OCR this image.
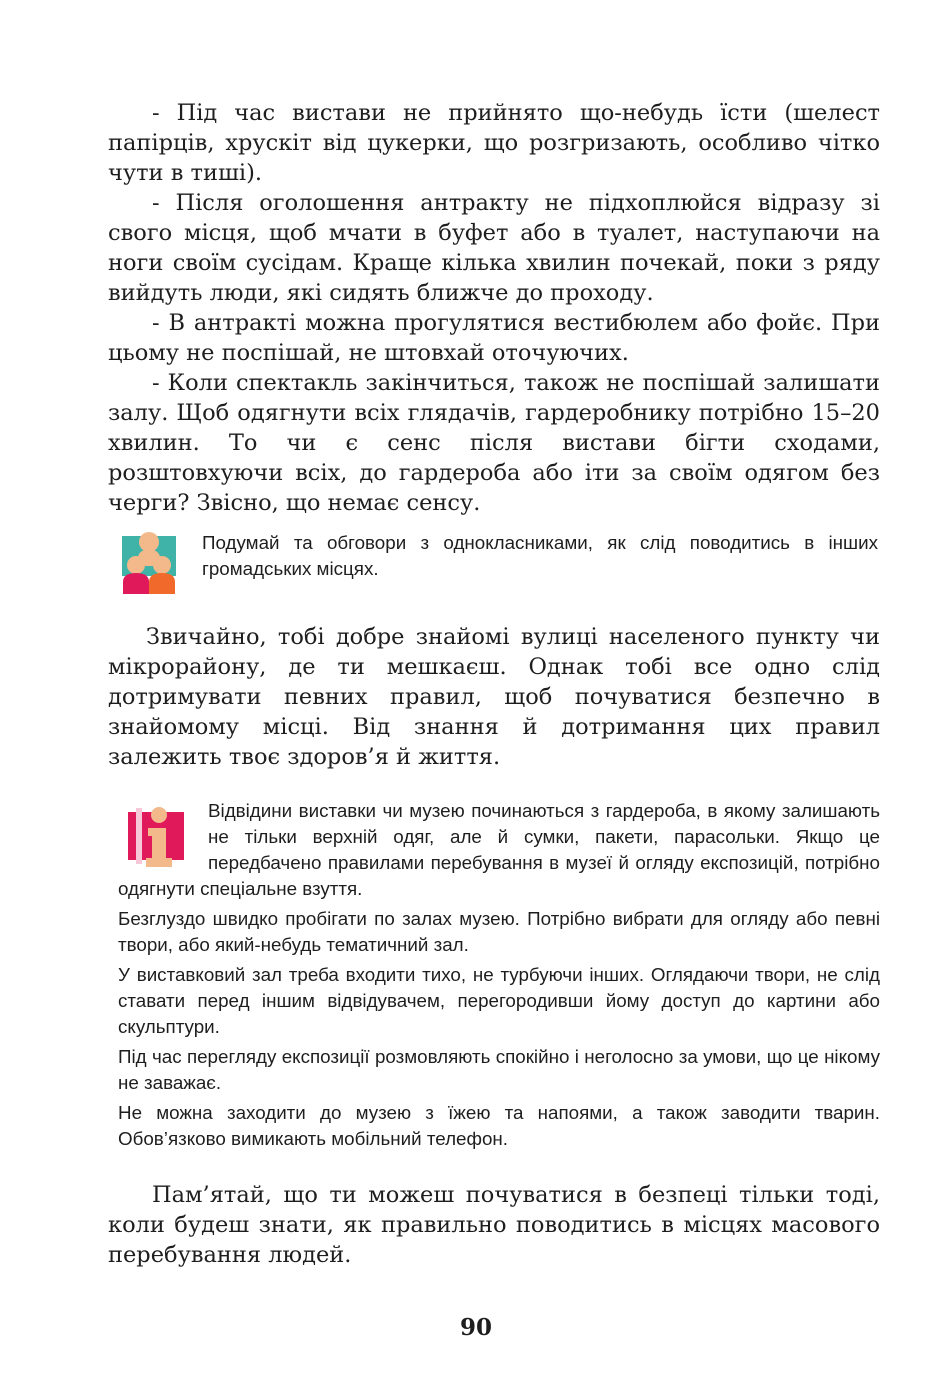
- Під час вистави не прийнято що-небудь їсти (шелест папірців, хрускіт від цукерки, що розгризають, особливо чітко чути в тиші).

- Після оголошення антракту не підхоплюйся відразу зі свого місця, щоб мчати в буфет або в туалет, наступаючи на ноги своїм сусідам. Краще кілька хвилин почекай, поки з ряду вийдуть люди, які сидять ближче до проходу.

- В антракті можна прогулятися вестибюлем або фойє. При цьому не поспішай, не штовхай оточуючих.

- Коли спектакль закінчиться, також не поспішай залишати залу. Щоб одягнути всіх глядачів, гардеробнику потрібно 15–20 хвилин. То чи є сенс після вистави бігти сходами, розштовхуючи всіх, до гардероба або іти за своїм одягом без черги? Звісно, що немає сенсу.

Подумай та обговори з однокласниками, як слід поводитись в інших громадських місцях.

Звичайно, тобі добре знайомі вулиці населеного пункту чи мікрорайону, де ти мешкаєш. Однак тобі все одно слід дотримувати певних правил, щоб почуватися безпечно в знайомому місці. Від знання й дотримання цих правил залежить твоє здоров’я й життя.

Відвідини виставки чи музею починаються з гардероба, в якому залишають не тільки верхній одяг, але й сумки, пакети, парасольки. Якщо це передбачено правилами перебування в музеї й огляду експозицій, потрібно одягнути спеціальне взуття.

Безглуздо швидко пробігати по залах музею. Потрібно вибрати для огляду або певні твори, або який-небудь тематичний зал.

У виставковий зал треба входити тихо, не турбуючи інших. Оглядаючи твори, не слід ставати перед іншим відвідувачем, перегородивши йому доступ до картини або скульптури.

Під час перегляду експозиції розмовляють спокійно і неголосно за умови, що це нікому не заважає.

Не можна заходити до музею з їжею та напоями, а також заводити тварин. Обов’язково вимикають мобільний телефон.

Пам’ятай, що ти можеш почуватися в безпеці тільки тоді, коли будеш знати, як правильно поводитись в місцях масового перебування людей.

90
